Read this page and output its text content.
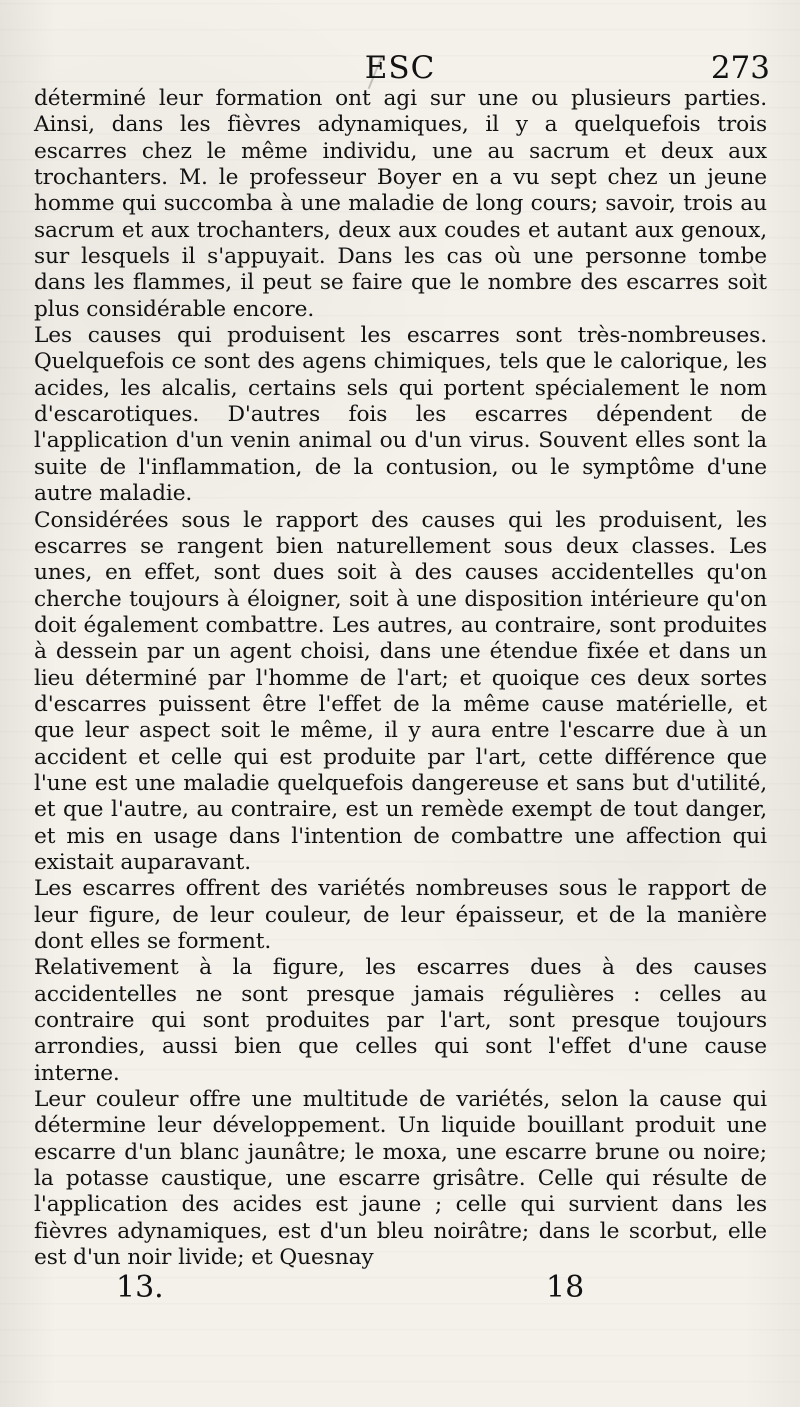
ESC	273

déterminé leur formation ont agi sur une ou plusieurs parties. Ainsi, dans les fièvres adynamiques, il y a quelquefois trois escarres chez le même individu, une au sacrum et deux aux trochanters. M. le professeur Boyer en a vu sept chez un jeune homme qui succomba à une maladie de long cours; savoir, trois au sacrum et aux trochanters, deux aux coudes et autant aux genoux, sur lesquels il s'appuyait. Dans les cas où une personne tombe dans les flammes, il peut se faire que le nombre des escarres soit plus considérable encore.

Les causes qui produisent les escarres sont très-nombreuses. Quelquefois ce sont des agens chimiques, tels que le calorique, les acides, les alcalis, certains sels qui portent spécialement le nom d'escarotiques. D'autres fois les escarres dépendent de l'application d'un venin animal ou d'un virus. Souvent elles sont la suite de l'inflammation, de la contusion, ou le symptôme d'une autre maladie.

Considérées sous le rapport des causes qui les produisent, les escarres se rangent bien naturellement sous deux classes. Les unes, en effet, sont dues soit à des causes accidentelles qu'on cherche toujours à éloigner, soit à une disposition intérieure qu'on doit également combattre. Les autres, au contraire, sont produites à dessein par un agent choisi, dans une étendue fixée et dans un lieu déterminé par l'homme de l'art; et quoique ces deux sortes d'escarres puissent être l'effet de la même cause matérielle, et que leur aspect soit le même, il y aura entre l'escarre due à un accident et celle qui est produite par l'art, cette différence que l'une est une maladie quelquefois dangereuse et sans but d'utilité, et que l'autre, au contraire, est un remède exempt de tout danger, et mis en usage dans l'intention de combattre une affection qui existait auparavant.

Les escarres offrent des variétés nombreuses sous le rapport de leur figure, de leur couleur, de leur épaisseur, et de la manière dont elles se forment.

Relativement à la figure, les escarres dues à des causes accidentelles ne sont presque jamais régulières : celles au contraire qui sont produites par l'art, sont presque toujours arrondies, aussi bien que celles qui sont l'effet d'une cause interne.

Leur couleur offre une multitude de variétés, selon la cause qui détermine leur développement. Un liquide bouillant produit une escarre d'un blanc jaunâtre; le moxa, une escarre brune ou noire; la potasse caustique, une escarre grisâtre. Celle qui résulte de l'application des acides est jaune ; celle qui survient dans les fièvres adynamiques, est d'un bleu noirâtre; dans le scorbut, elle est d'un noir livide; et Quesnay

13.	18
